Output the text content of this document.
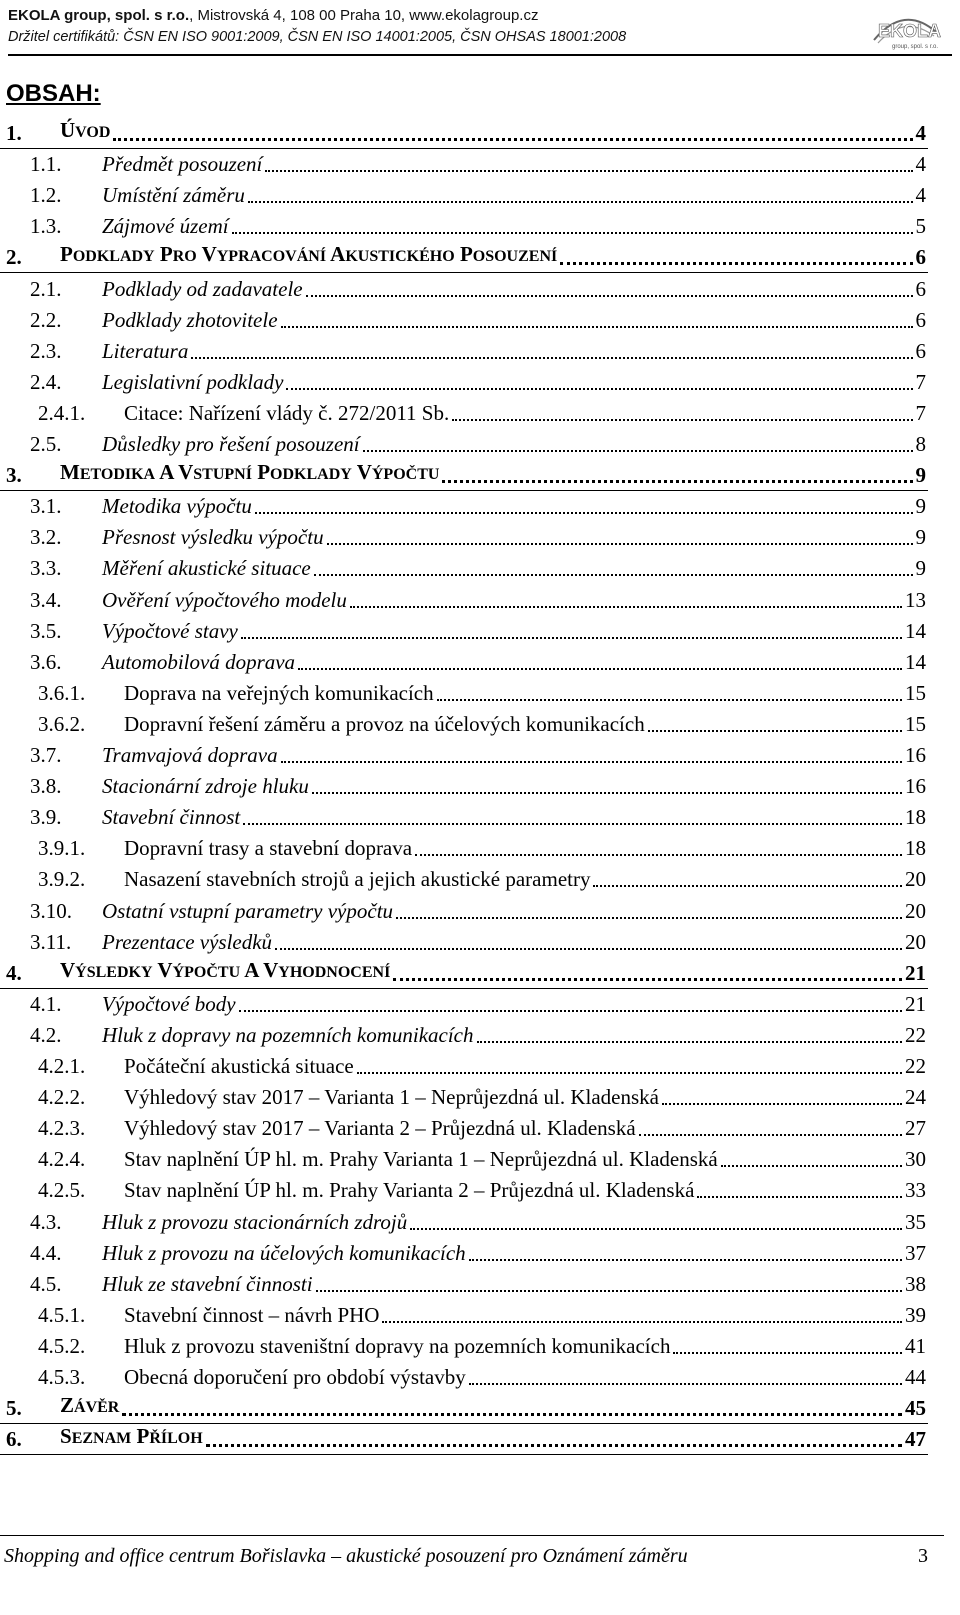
EKOLA group, spol. s r.o., Mistrovská 4, 108 00 Praha 10, www.ekolagroup.cz
Držitel certifikátů: ČSN EN ISO 9001:2009, ČSN EN ISO 14001:2005, ČSN OHSAS 18001:2008	EKOLA
group, spol. s r.o.
OBSAH:
1. ÚVOD	4
1.1. Předmět posouzení	4
1.2. Umístění záměru	4
1.3. Zájmové území	5
2. PODKLADY PRO VYPRACOVÁNÍ AKUSTICKÉHO POSOUZENÍ	6
2.1. Podklady od zadavatele	6
2.2. Podklady zhotovitele	6
2.3. Literatura	6
2.4. Legislativní podklady	7
2.4.1. Citace: Nařízení vlády č. 272/2011 Sb.	7
2.5. Důsledky pro řešení posouzení	8
3. METODIKA A VSTUPNÍ PODKLADY VÝPOČTU	9
3.1. Metodika výpočtu	9
3.2. Přesnost výsledku výpočtu	9
3.3. Měření akustické situace	9
3.4. Ověření výpočtového modelu	13
3.5. Výpočtové stavy	14
3.6. Automobilová doprava	14
3.6.1. Doprava na veřejných komunikacích	15
3.6.2. Dopravní řešení záměru a provoz na účelových komunikacích	15
3.7. Tramvajová doprava	16
3.8. Stacionární zdroje hluku	16
3.9. Stavební činnost	18
3.9.1. Dopravní trasy a stavební doprava	18
3.9.2. Nasazení stavebních strojů a jejich akustické parametry	20
3.10. Ostatní vstupní parametry výpočtu	20
3.11. Prezentace výsledků	20
4. VÝSLEDKY VÝPOČTU A VYHODNOCENÍ	21
4.1. Výpočtové body	21
4.2. Hluk z dopravy na pozemních komunikacích	22
4.2.1. Počáteční akustická situace	22
4.2.2. Výhledový stav 2017 – Varianta 1 – Neprůjezdná ul. Kladenská	24
4.2.3. Výhledový stav 2017 – Varianta 2 – Průjezdná ul. Kladenská	27
4.2.4. Stav naplnění ÚP hl. m. Prahy Varianta 1 – Neprůjezdná ul. Kladenská	30
4.2.5. Stav naplnění ÚP hl. m. Prahy Varianta 2 – Průjezdná ul. Kladenská	33
4.3. Hluk z provozu stacionárních zdrojů	35
4.4. Hluk z provozu na účelových komunikacích	37
4.5. Hluk ze stavební činnosti	38
4.5.1. Stavební činnost – návrh PHO	39
4.5.2. Hluk z provozu staveništní dopravy na pozemních komunikacích	41
4.5.3. Obecná doporučení pro období výstavby	44
5. ZÁVĚR	45
6. SEZNAM PŘÍLOH	47
Shopping and office centrum Bořislavka – akustické posouzení pro Oznámení záměru	3
